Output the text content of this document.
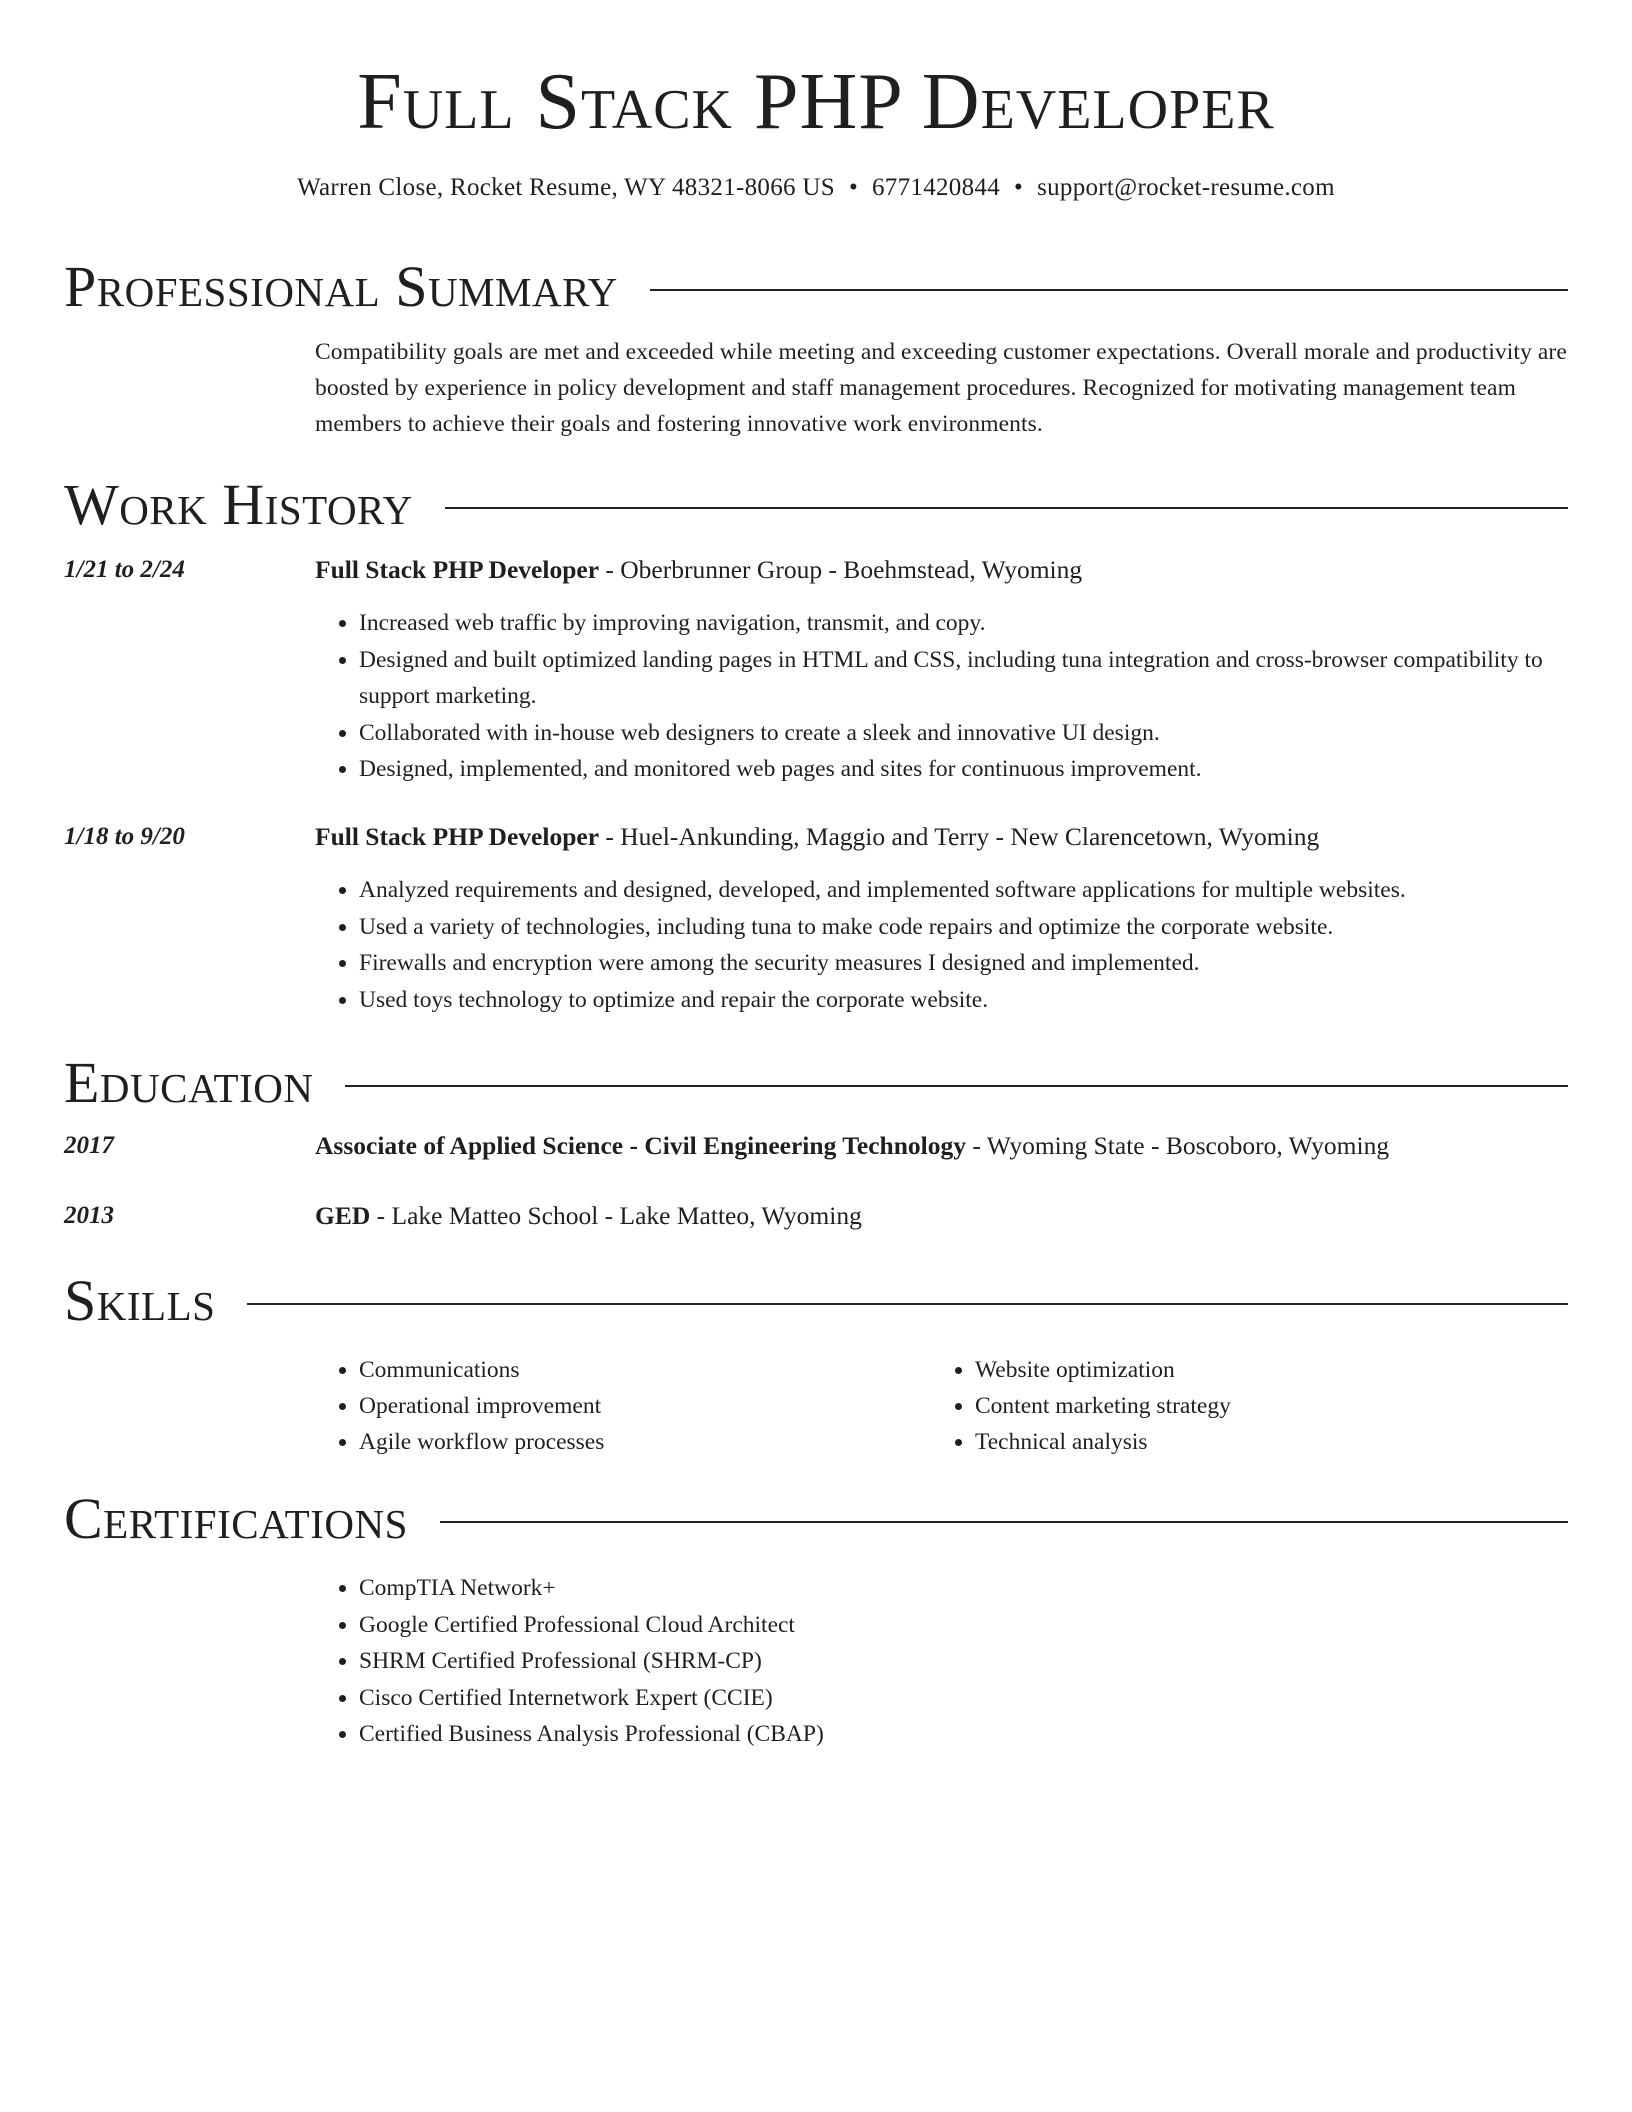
Full Stack PHP Developer
Warren Close, Rocket Resume, WY 48321-8066 US • 6771420844 • support@rocket-resume.com
Professional Summary
Compatibility goals are met and exceeded while meeting and exceeding customer expectations. Overall morale and productivity are boosted by experience in policy development and staff management procedures. Recognized for motivating management team members to achieve their goals and fostering innovative work environments.
Work History
1/21 to 2/24	Full Stack PHP Developer - Oberbrunner Group - Boehmstead, Wyoming
• Increased web traffic by improving navigation, transmit, and copy.
• Designed and built optimized landing pages in HTML and CSS, including tuna integration and cross-browser compatibility to support marketing.
• Collaborated with in-house web designers to create a sleek and innovative UI design.
• Designed, implemented, and monitored web pages and sites for continuous improvement.
1/18 to 9/20	Full Stack PHP Developer - Huel-Ankunding, Maggio and Terry - New Clarencetown, Wyoming
• Analyzed requirements and designed, developed, and implemented software applications for multiple websites.
• Used a variety of technologies, including tuna to make code repairs and optimize the corporate website.
• Firewalls and encryption were among the security measures I designed and implemented.
• Used toys technology to optimize and repair the corporate website.
Education
2017	Associate of Applied Science - Civil Engineering Technology - Wyoming State - Boscoboro, Wyoming
2013	GED - Lake Matteo School - Lake Matteo, Wyoming
Skills
• Communications
• Operational improvement
• Agile workflow processes
• Website optimization
• Content marketing strategy
• Technical analysis
Certifications
• CompTIA Network+
• Google Certified Professional Cloud Architect
• SHRM Certified Professional (SHRM-CP)
• Cisco Certified Internetwork Expert (CCIE)
• Certified Business Analysis Professional (CBAP)
